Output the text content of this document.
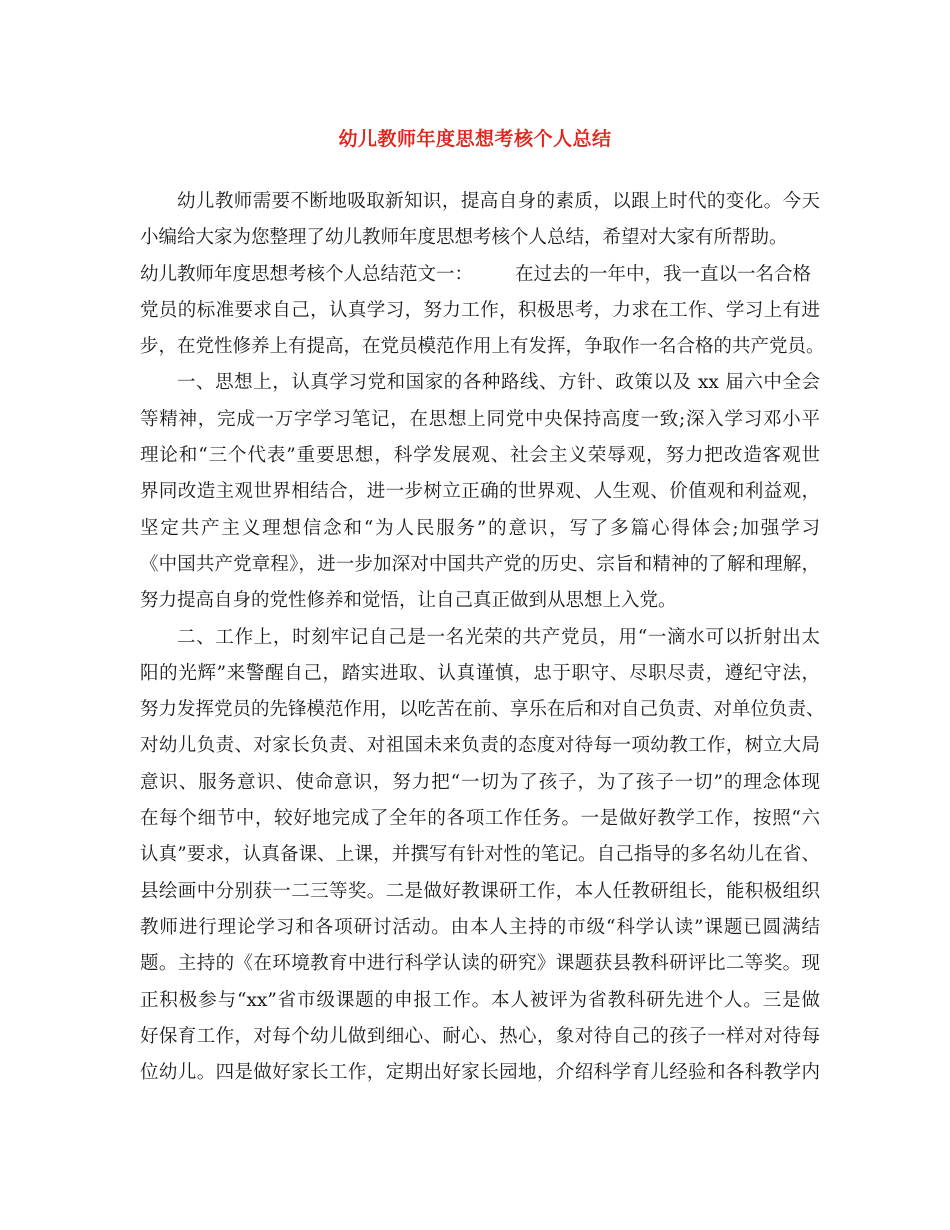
幼儿教师年度思想考核个人总结
幼儿教师需要不断地吸取新知识，提高自身的素质，以跟上时代的变化。今天
小编给大家为您整理了幼儿教师年度思想考核个人总结，希望对大家有所帮助。
幼儿教师年度思想考核个人总结范文一： 在过去的一年中，我一直以一名合格
党员的标准要求自己，认真学习，努力工作，积极思考，力求在工作、学习上有进
步，在党性修养上有提高，在党员模范作用上有发挥，争取作一名合格的共产党员。
一、思想上，认真学习党和国家的各种路线、方针、政策以及 xx 届六中全会
等精神，完成一万字学习笔记，在思想上同党中央保持高度一致;深入学习邓小平
理论和“三个代表”重要思想，科学发展观、社会主义荣辱观，努力把改造客观世
界同改造主观世界相结合，进一步树立正确的世界观、人生观、价值观和利益观，
坚定共产主义理想信念和“为人民服务”的意识，写了多篇心得体会;加强学习
《中国共产党章程》，进一步加深对中国共产党的历史、宗旨和精神的了解和理解，
努力提高自身的党性修养和觉悟，让自己真正做到从思想上入党。
二、工作上，时刻牢记自己是一名光荣的共产党员，用“一滴水可以折射出太
阳的光辉”来警醒自己，踏实进取、认真谨慎，忠于职守、尽职尽责，遵纪守法，
努力发挥党员的先锋模范作用，以吃苦在前、享乐在后和对自己负责、对单位负责、
对幼儿负责、对家长负责、对祖国未来负责的态度对待每一项幼教工作，树立大局
意识、服务意识、使命意识，努力把“一切为了孩子，为了孩子一切”的理念体现
在每个细节中，较好地完成了全年的各项工作任务。一是做好教学工作，按照“六
认真”要求，认真备课、上课，并撰写有针对性的笔记。自己指导的多名幼儿在省、
县绘画中分别获一二三等奖。二是做好教课研工作，本人任教研组长，能积极组织
教师进行理论学习和各项研讨活动。由本人主持的市级“科学认读”课题已圆满结
题。主持的《在环境教育中进行科学认读的研究》课题获县教科研评比二等奖。现
正积极参与“xx”省市级课题的申报工作。本人被评为省教科研先进个人。三是做
好保育工作，对每个幼儿做到细心、耐心、热心，象对待自己的孩子一样对对待每
位幼儿。四是做好家长工作，定期出好家长园地，介绍科学育儿经验和各科教学内
